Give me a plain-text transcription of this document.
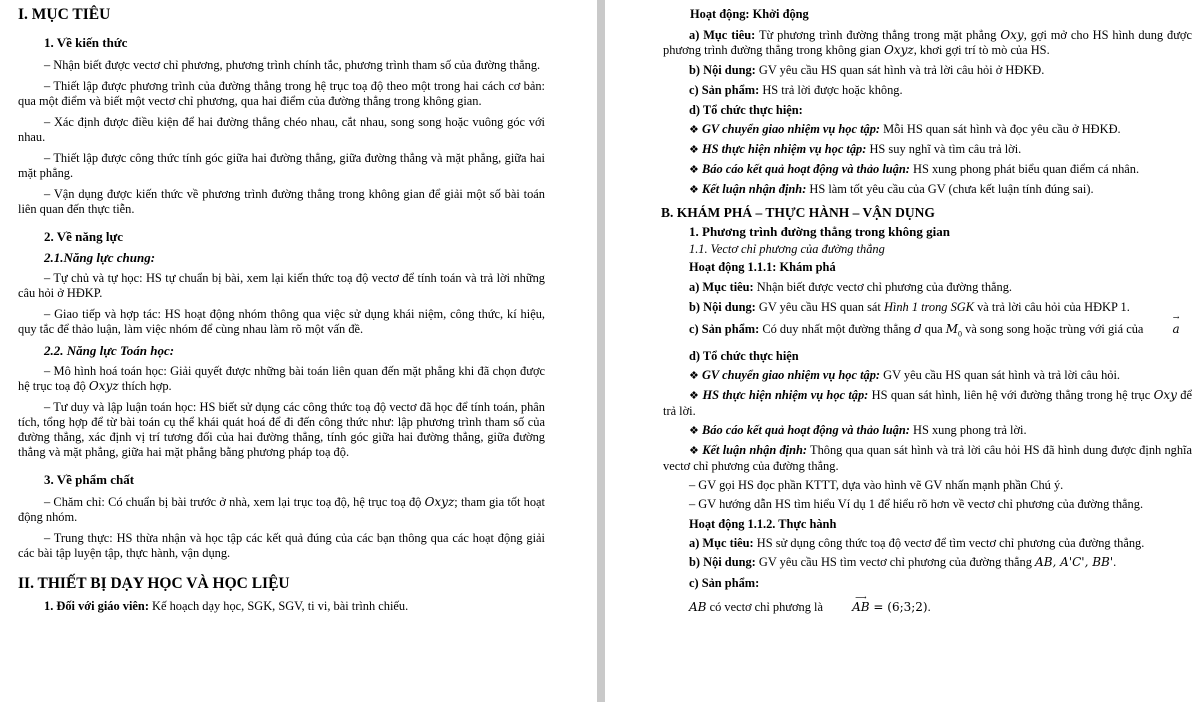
I. MỤC TIÊU
1. Về kiến thức
– Nhận biết được vectơ chỉ phương, phương trình chính tắc, phương trình tham số của đường thẳng.
– Thiết lập được phương trình của đường thẳng trong hệ trục toạ độ theo một trong hai cách cơ bản: qua một điểm và biết một vectơ chỉ phương, qua hai điểm của đường thẳng trong không gian.
– Xác định được điều kiện để hai đường thẳng chéo nhau, cắt nhau, song song hoặc vuông góc với nhau.
– Thiết lập được công thức tính góc giữa hai đường thẳng, giữa đường thẳng và mặt phẳng, giữa hai mặt phẳng.
– Vận dụng được kiến thức về phương trình đường thẳng trong không gian để giải một số bài toán liên quan đến thực tiễn.
2. Về năng lực
2.1.Năng lực chung:
– Tự chủ và tự học: HS tự chuẩn bị bài, xem lại kiến thức toạ độ vectơ để tính toán và trả lời những câu hỏi ở HĐKP.
– Giao tiếp và hợp tác: HS hoạt động nhóm thông qua việc sử dụng khái niệm, công thức, kí hiệu, quy tắc để thảo luận, làm việc nhóm để cùng nhau làm rõ một vấn đề.
2.2. Năng lực Toán học:
– Mô hình hoá toán học: Giải quyết được những bài toán liên quan đến mặt phẳng khi đã chọn được hệ trục toạ độ Oxyz thích hợp.
– Tư duy và lập luận toán học: HS biết sử dụng các công thức toạ độ vectơ đã học để tính toán, phân tích, tổng hợp để từ bài toán cụ thể khái quát hoá để đi đến công thức như: lập phương trình tham số của đường thẳng, xác định vị trí tương đối của hai đường thẳng, tính góc giữa hai đường thẳng, giữa đường thẳng và mặt phẳng, giữa hai mặt phẳng bằng phương pháp toạ độ.
3. Về phẩm chất
– Chăm chỉ: Có chuẩn bị bài trước ở nhà, xem lại trục toạ độ, hệ trục toạ độ Oxyz; tham gia tốt hoạt động nhóm.
– Trung thực: HS thừa nhận và học tập các kết quả đúng của các bạn thông qua các hoạt động giải các bài tập luyện tập, thực hành, vận dụng.
II. THIẾT BỊ DẠY HỌC VÀ HỌC LIỆU
1. Đối với giáo viên: Kế hoạch dạy học, SGK, SGV, ti vi, bài trình chiếu.
Hoạt động: Khởi động
a) Mục tiêu: Từ phương trình đường thẳng trong mặt phẳng Oxy, gợi mở cho HS hình dung được phương trình đường thẳng trong không gian Oxyz, khơi gợi trí tò mò của HS.
b) Nội dung: GV yêu cầu HS quan sát hình và trả lời câu hỏi ở HĐKĐ.
c) Sản phẩm: HS trả lời được hoặc không.
d) Tổ chức thực hiện:
❖ GV chuyển giao nhiệm vụ học tập: Mỗi HS quan sát hình và đọc yêu cầu ở HĐKĐ.
❖ HS thực hiện nhiệm vụ học tập: HS suy nghĩ và tìm câu trả lời.
❖ Báo cáo kết quả hoạt động và thảo luận: HS xung phong phát biểu quan điểm cá nhân.
❖ Kết luận nhận định: HS làm tốt yêu cầu của GV (chưa kết luận tính đúng sai).
B. KHÁM PHÁ – THỰC HÀNH – VẬN DỤNG
1. Phương trình đường thẳng trong không gian
1.1. Vectơ chỉ phương của đường thẳng
Hoạt động 1.1.1: Khám phá
a) Mục tiêu: Nhận biết được vectơ chỉ phương của đường thẳng.
b) Nội dung: GV yêu cầu HS quan sát Hình 1 trong SGK và trả lời câu hỏi của HĐKP 1.
c) Sản phẩm: Có duy nhất một đường thẳng d qua $M_0$ và song song hoặc trùng với giá của
→
a
d) Tổ chức thực hiện
❖ GV chuyển giao nhiệm vụ học tập: GV yêu cầu HS quan sát hình và trả lời câu hỏi.
❖ HS thực hiện nhiệm vụ học tập: HS quan sát hình, liên hệ với đường thẳng trong hệ trục Oxy để trả lời.
❖ Báo cáo kết quả hoạt động và thảo luận: HS xung phong trả lời.
❖ Kết luận nhận định: Thông qua quan sát hình và trả lời câu hỏi HS đã hình dung được định nghĩa vectơ chỉ phương của đường thẳng.
– GV gọi HS đọc phần KTTT, dựa vào hình vẽ GV nhấn mạnh phần Chú ý.
– GV hướng dẫn HS tìm hiểu Ví dụ 1 để hiểu rõ hơn về vectơ chỉ phương của đường thẳng.
Hoạt động 1.1.2. Thực hành
a) Mục tiêu: HS sử dụng công thức toạ độ vectơ để tìm vectơ chỉ phương của đường thẳng.
b) Nội dung: GV yêu cầu HS tìm vectơ chỉ phương của đường thẳng AB, A'C', BB'.
c) Sản phẩm:
AB có vectơ chỉ phương là
⟶
AB = (6;3;2).
